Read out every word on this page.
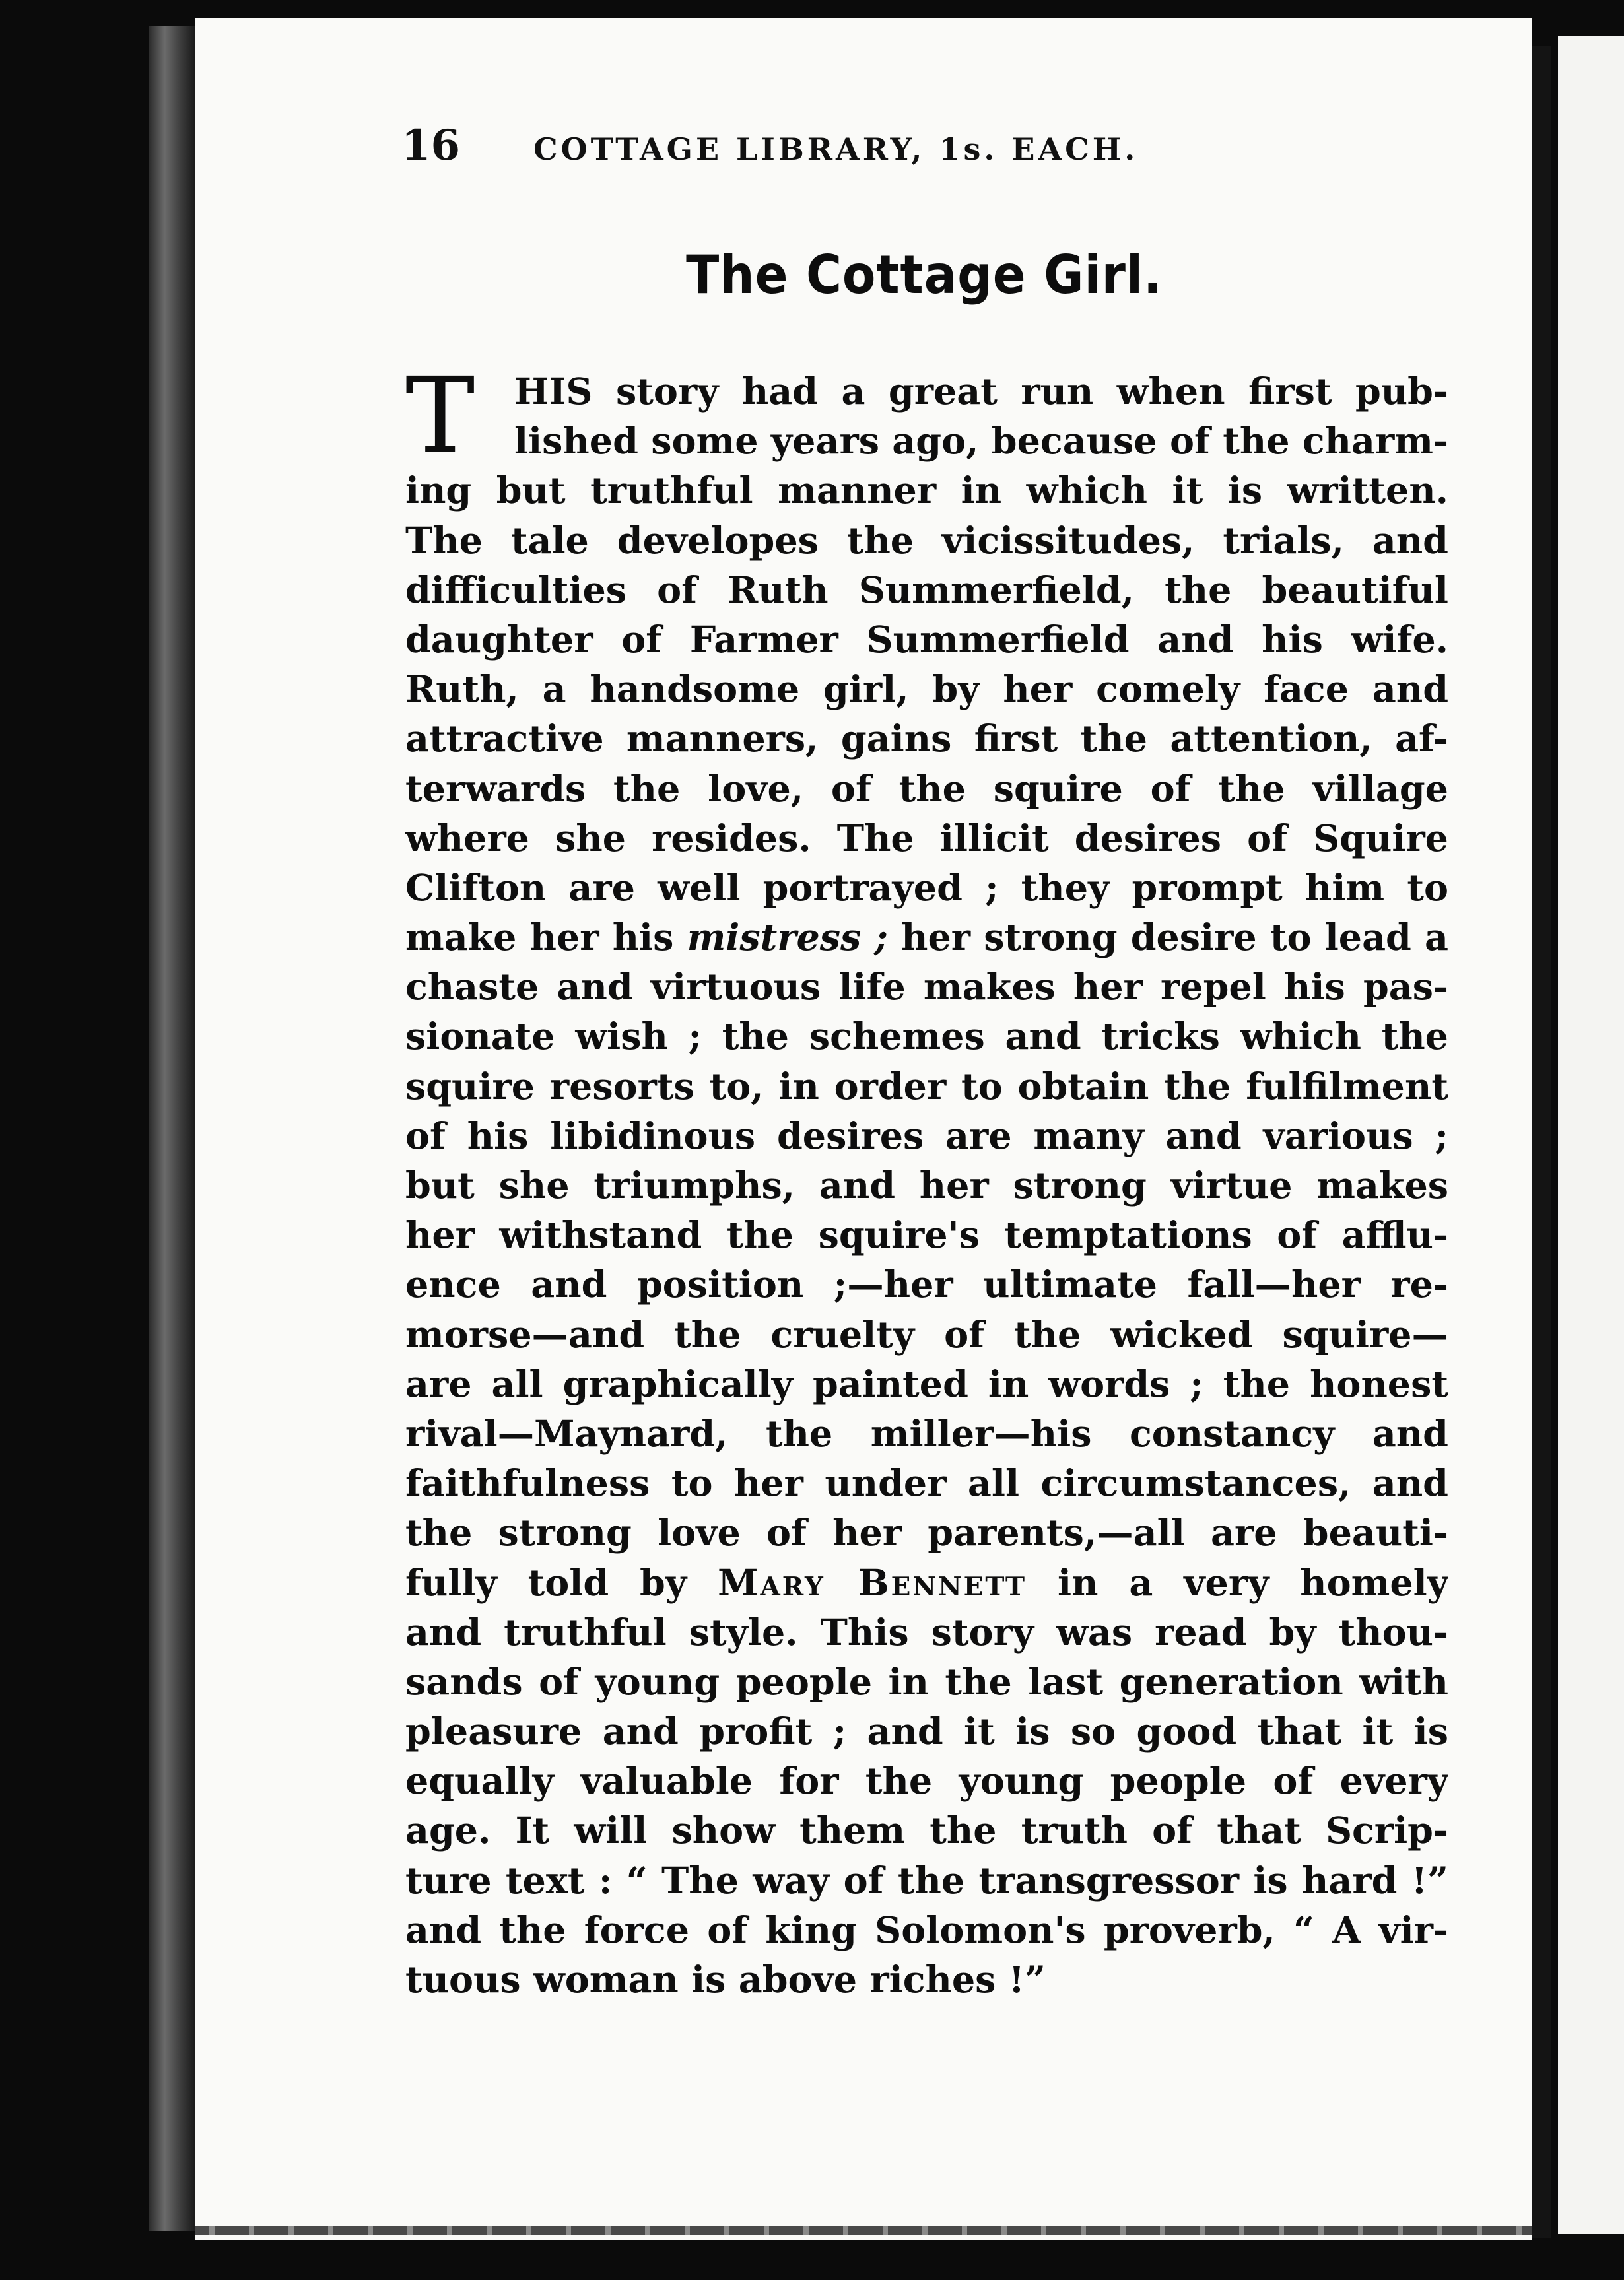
16	COTTAGE LIBRARY, 1s. EACH.
The Cottage Girl.
T	HIS story had a great run when first pub-
lished some years ago, because of the charm-
ing but truthful manner in which it is written.
The tale developes the vicissitudes, trials, and
difficulties of Ruth Summerfield, the beautiful
daughter of Farmer Summerfield and his wife.
Ruth, a handsome girl, by her comely face and
attractive manners, gains first the attention, af-
terwards the love, of the squire of the village
where she resides. The illicit desires of Squire
Clifton are well portrayed ; they prompt him to
make her his mistress ; her strong desire to lead a
chaste and virtuous life makes her repel his pas-
sionate wish ; the schemes and tricks which the
squire resorts to, in order to obtain the fulfilment
of his libidinous desires are many and various ;
but she triumphs, and her strong virtue makes
her withstand the squire's temptations of afflu-
ence and position ;—her ultimate fall—her re-
morse—and the cruelty of the wicked squire—
are all graphically painted in words ; the honest
rival—Maynard, the miller—his constancy and
faithfulness to her under all circumstances, and
the strong love of her parents,—all are beauti-
fully told by Mary Bennett in a very homely
and truthful style. This story was read by thou-
sands of young people in the last generation with
pleasure and profit ; and it is so good that it is
equally valuable for the young people of every
age. It will show them the truth of that Scrip-
ture text : “ The way of the transgressor is hard !”
and the force of king Solomon's proverb, “ A vir-
tuous woman is above riches !”
